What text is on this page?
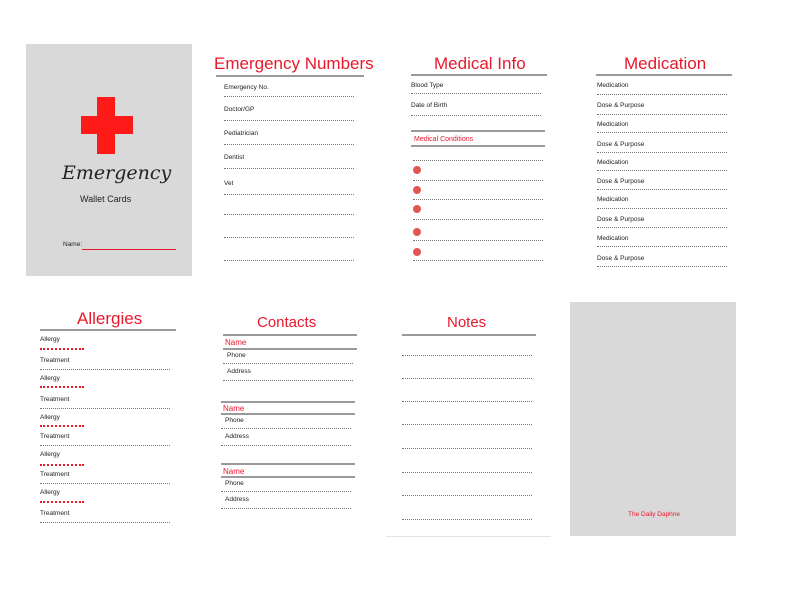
Emergency
Wallet Cards
Name:
Emergency Numbers
Emergency No.
Doctor/GP
Pediatrician
Dentist
Vet
Medical Info
Blood Type
Date of Birth
Medical Conditions
Medication
Medication
Dose & Purpose
Medication
Dose & Purpose
Medication
Dose & Purpose
Medication
Dose & Purpose
Medication
Dose & Purpose
Allergies
Allergy
Treatment
Allergy
Treatment
Allergy
Treatment
Allergy
Treatment
Allergy
Treatment
Contacts
Name
Phone
Address
Name
Phone
Address
Name
Phone
Address
Notes
The Daily Daphne
